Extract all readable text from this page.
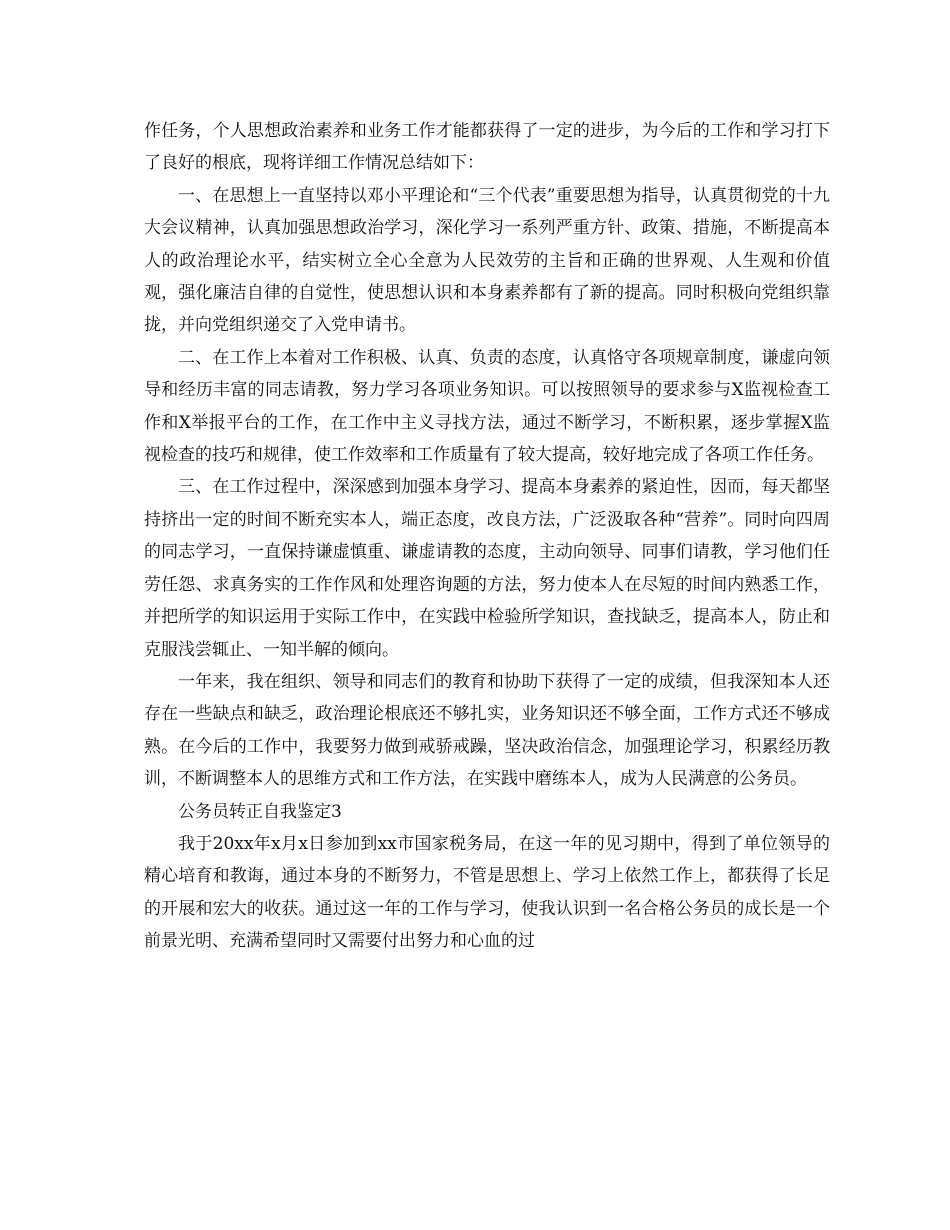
作任务，个人思想政治素养和业务工作才能都获得了一定的进步，为今后的工作和学习打下了良好的根底，现将详细工作情况总结如下：

一、在思想上一直坚持以邓小平理论和“三个代表”重要思想为指导，认真贯彻党的十九大会议精神，认真加强思想政治学习，深化学习一系列严重方针、政策、措施，不断提高本人的政治理论水平，结实树立全心全意为人民效劳的主旨和正确的世界观、人生观和价值观，强化廉洁自律的自觉性，使思想认识和本身素养都有了新的提高。同时积极向党组织靠拢，并向党组织递交了入党申请书。

二、在工作上本着对工作积极、认真、负责的态度，认真恪守各项规章制度，谦虚向领导和经历丰富的同志请教，努力学习各项业务知识。可以按照领导的要求参与X监视检查工作和X举报平台的工作，在工作中主义寻找方法，通过不断学习，不断积累，逐步掌握X监视检查的技巧和规律，使工作效率和工作质量有了较大提高，较好地完成了各项工作任务。

三、在工作过程中，深深感到加强本身学习、提高本身素养的紧迫性，因而，每天都坚持挤出一定的时间不断充实本人，端正态度，改良方法，广泛汲取各种“营养”。同时向四周的同志学习，一直保持谦虚慎重、谦虚请教的态度，主动向领导、同事们请教，学习他们任劳任怨、求真务实的工作作风和处理咨询题的方法，努力使本人在尽短的时间内熟悉工作，并把所学的知识运用于实际工作中，在实践中检验所学知识，查找缺乏，提高本人，防止和克服浅尝辄止、一知半解的倾向。

一年来，我在组织、领导和同志们的教育和协助下获得了一定的成绩，但我深知本人还存在一些缺点和缺乏，政治理论根底还不够扎实，业务知识还不够全面，工作方式还不够成熟。在今后的工作中，我要努力做到戒骄戒躁，坚决政治信念，加强理论学习，积累经历教训，不断调整本人的思维方式和工作方法，在实践中磨练本人，成为人民满意的公务员。

公务员转正自我鉴定3

我于20xx年x月x日参加到xx市国家税务局，在这一年的见习期中，得到了单位领导的精心培育和教诲，通过本身的不断努力，不管是思想上、学习上依然工作上，都获得了长足的开展和宏大的收获。通过这一年的工作与学习，使我认识到一名合格公务员的成长是一个前景光明、充满希望同时又需要付出努力和心血的过
